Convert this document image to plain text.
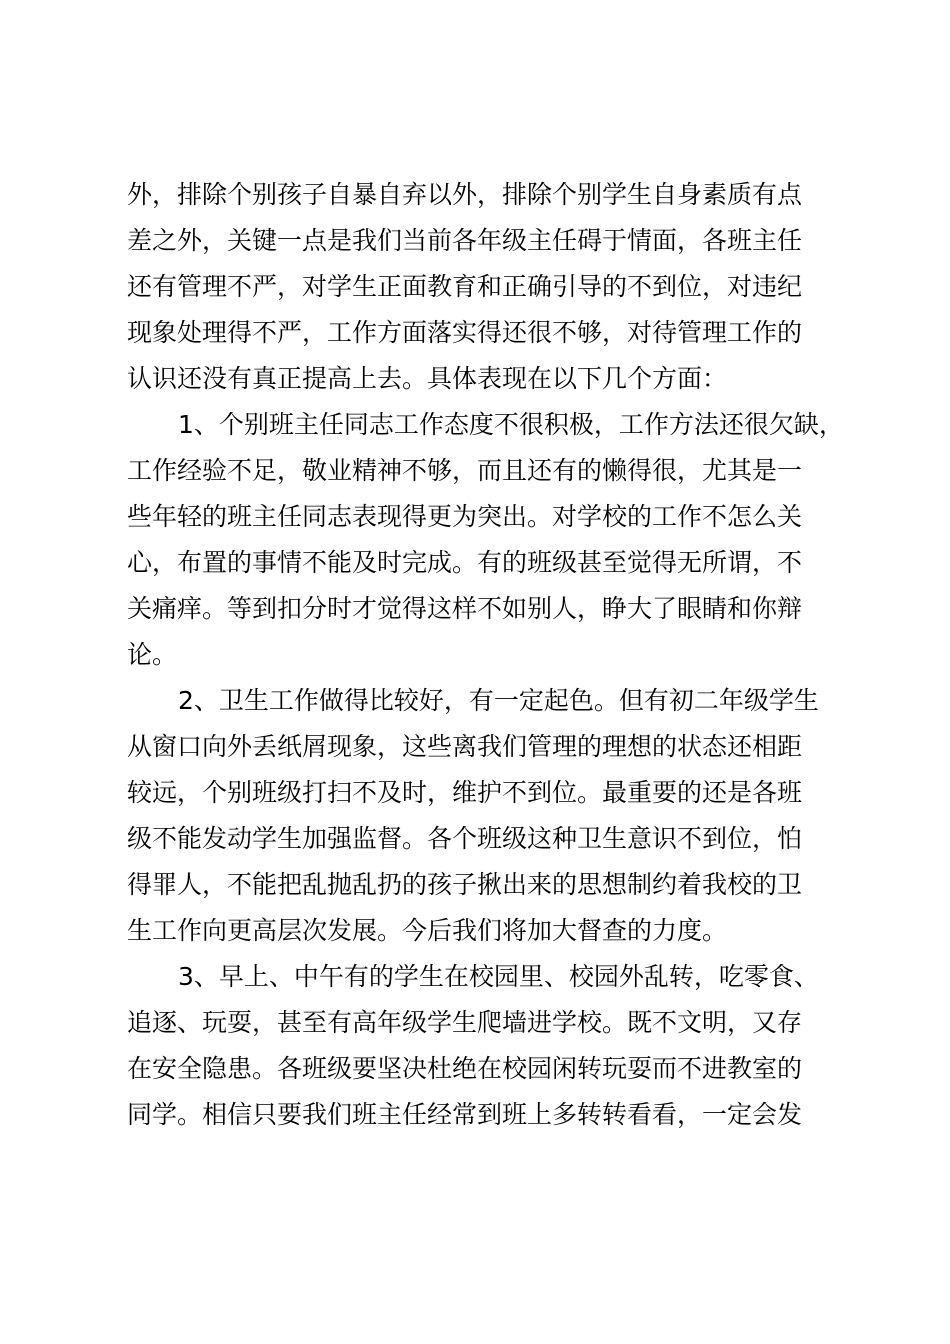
外，排除个别孩子自暴自弃以外，排除个别学生自身素质有点
差之外，关键一点是我们当前各年级主任碍于情面，各班主任
还有管理不严，对学生正面教育和正确引导的不到位，对违纪
现象处理得不严，工作方面落实得还很不够，对待管理工作的
认识还没有真正提高上去。具体表现在以下几个方面：
1、个别班主任同志工作态度不很积极，工作方法还很欠缺，
工作经验不足，敬业精神不够，而且还有的懒得很，尤其是一
些年轻的班主任同志表现得更为突出。对学校的工作不怎么关
心，布置的事情不能及时完成。有的班级甚至觉得无所谓，不
关痛痒。等到扣分时才觉得这样不如别人，睁大了眼睛和你辩
论。
2、卫生工作做得比较好，有一定起色。但有初二年级学生
从窗口向外丢纸屑现象，这些离我们管理的理想的状态还相距
较远，个别班级打扫不及时，维护不到位。最重要的还是各班
级不能发动学生加强监督。各个班级这种卫生意识不到位，怕
得罪人，不能把乱抛乱扔的孩子揪出来的思想制约着我校的卫
生工作向更高层次发展。今后我们将加大督查的力度。
3、早上、中午有的学生在校园里、校园外乱转，吃零食、
追逐、玩耍，甚至有高年级学生爬墙进学校。既不文明，又存
在安全隐患。各班级要坚决杜绝在校园闲转玩耍而不进教室的
同学。相信只要我们班主任经常到班上多转转看看，一定会发
